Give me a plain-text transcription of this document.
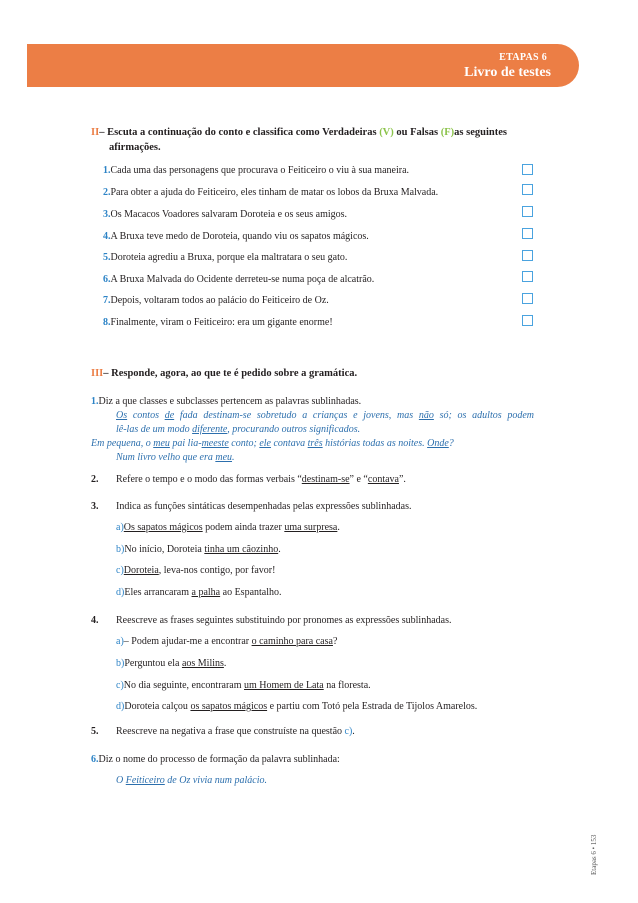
ETAPAS 6
Livro de testes
II– Escuta a continuação do conto e classifica como Verdadeiras (V) ou Falsas (F)as seguintes
afirmações.
1.Cada uma das personagens que procurava o Feiticeiro o viu à sua maneira.
2.Para obter a ajuda do Feiticeiro, eles tinham de matar os lobos da Bruxa Malvada.
3.Os Macacos Voadores salvaram Doroteia e os seus amigos.
4.A Bruxa teve medo de Doroteia, quando viu os sapatos mágicos.
5.Doroteia agrediu a Bruxa, porque ela maltratara o seu gato.
6.A Bruxa Malvada do Ocidente derreteu-se numa poça de alcatrão.
7.Depois, voltaram todos ao palácio do Feiticeiro de Oz.
8.Finalmente, viram o Feiticeiro: era um gigante enorme!
III– Responde, agora, ao que te é pedido sobre a gramática.
1.Diz a que classes e subclasses pertencem as palavras sublinhadas.
Os contos de fada destinam-se sobretudo a crianças e jovens, mas não só; os adultos podem
lê-las de um modo diferente, procurando outros significados.
Em pequena, o meu pai lia-meeste conto; ele contava três histórias todas as noites. Onde?
Num livro velho que era meu.
2. Refere o tempo e o modo das formas verbais “destinam-se” e “contava”.
3. Indica as funções sintáticas desempenhadas pelas expressões sublinhadas.
a)Os sapatos mágicos podem ainda trazer uma surpresa.
b)No início, Doroteia tinha um cãozinho.
c)Doroteia, leva-nos contigo, por favor!
d)Eles arrancaram a palha ao Espantalho.
4. Reescreve as frases seguintes substituindo por pronomes as expressões sublinhadas.
a)– Podem ajudar-me a encontrar o caminho para casa?
b)Perguntou ela aos Milins.
c)No dia seguinte, encontraram um Homem de Lata na floresta.
d)Doroteia calçou os sapatos mágicos e partiu com Totó pela Estrada de Tijolos Amarelos.
5. Reescreve na negativa a frase que construíste na questão c).
6.Diz o nome do processo de formação da palavra sublinhada:
O Feiticeiro de Oz vivia num palácio.
Etapas 6 • 153
